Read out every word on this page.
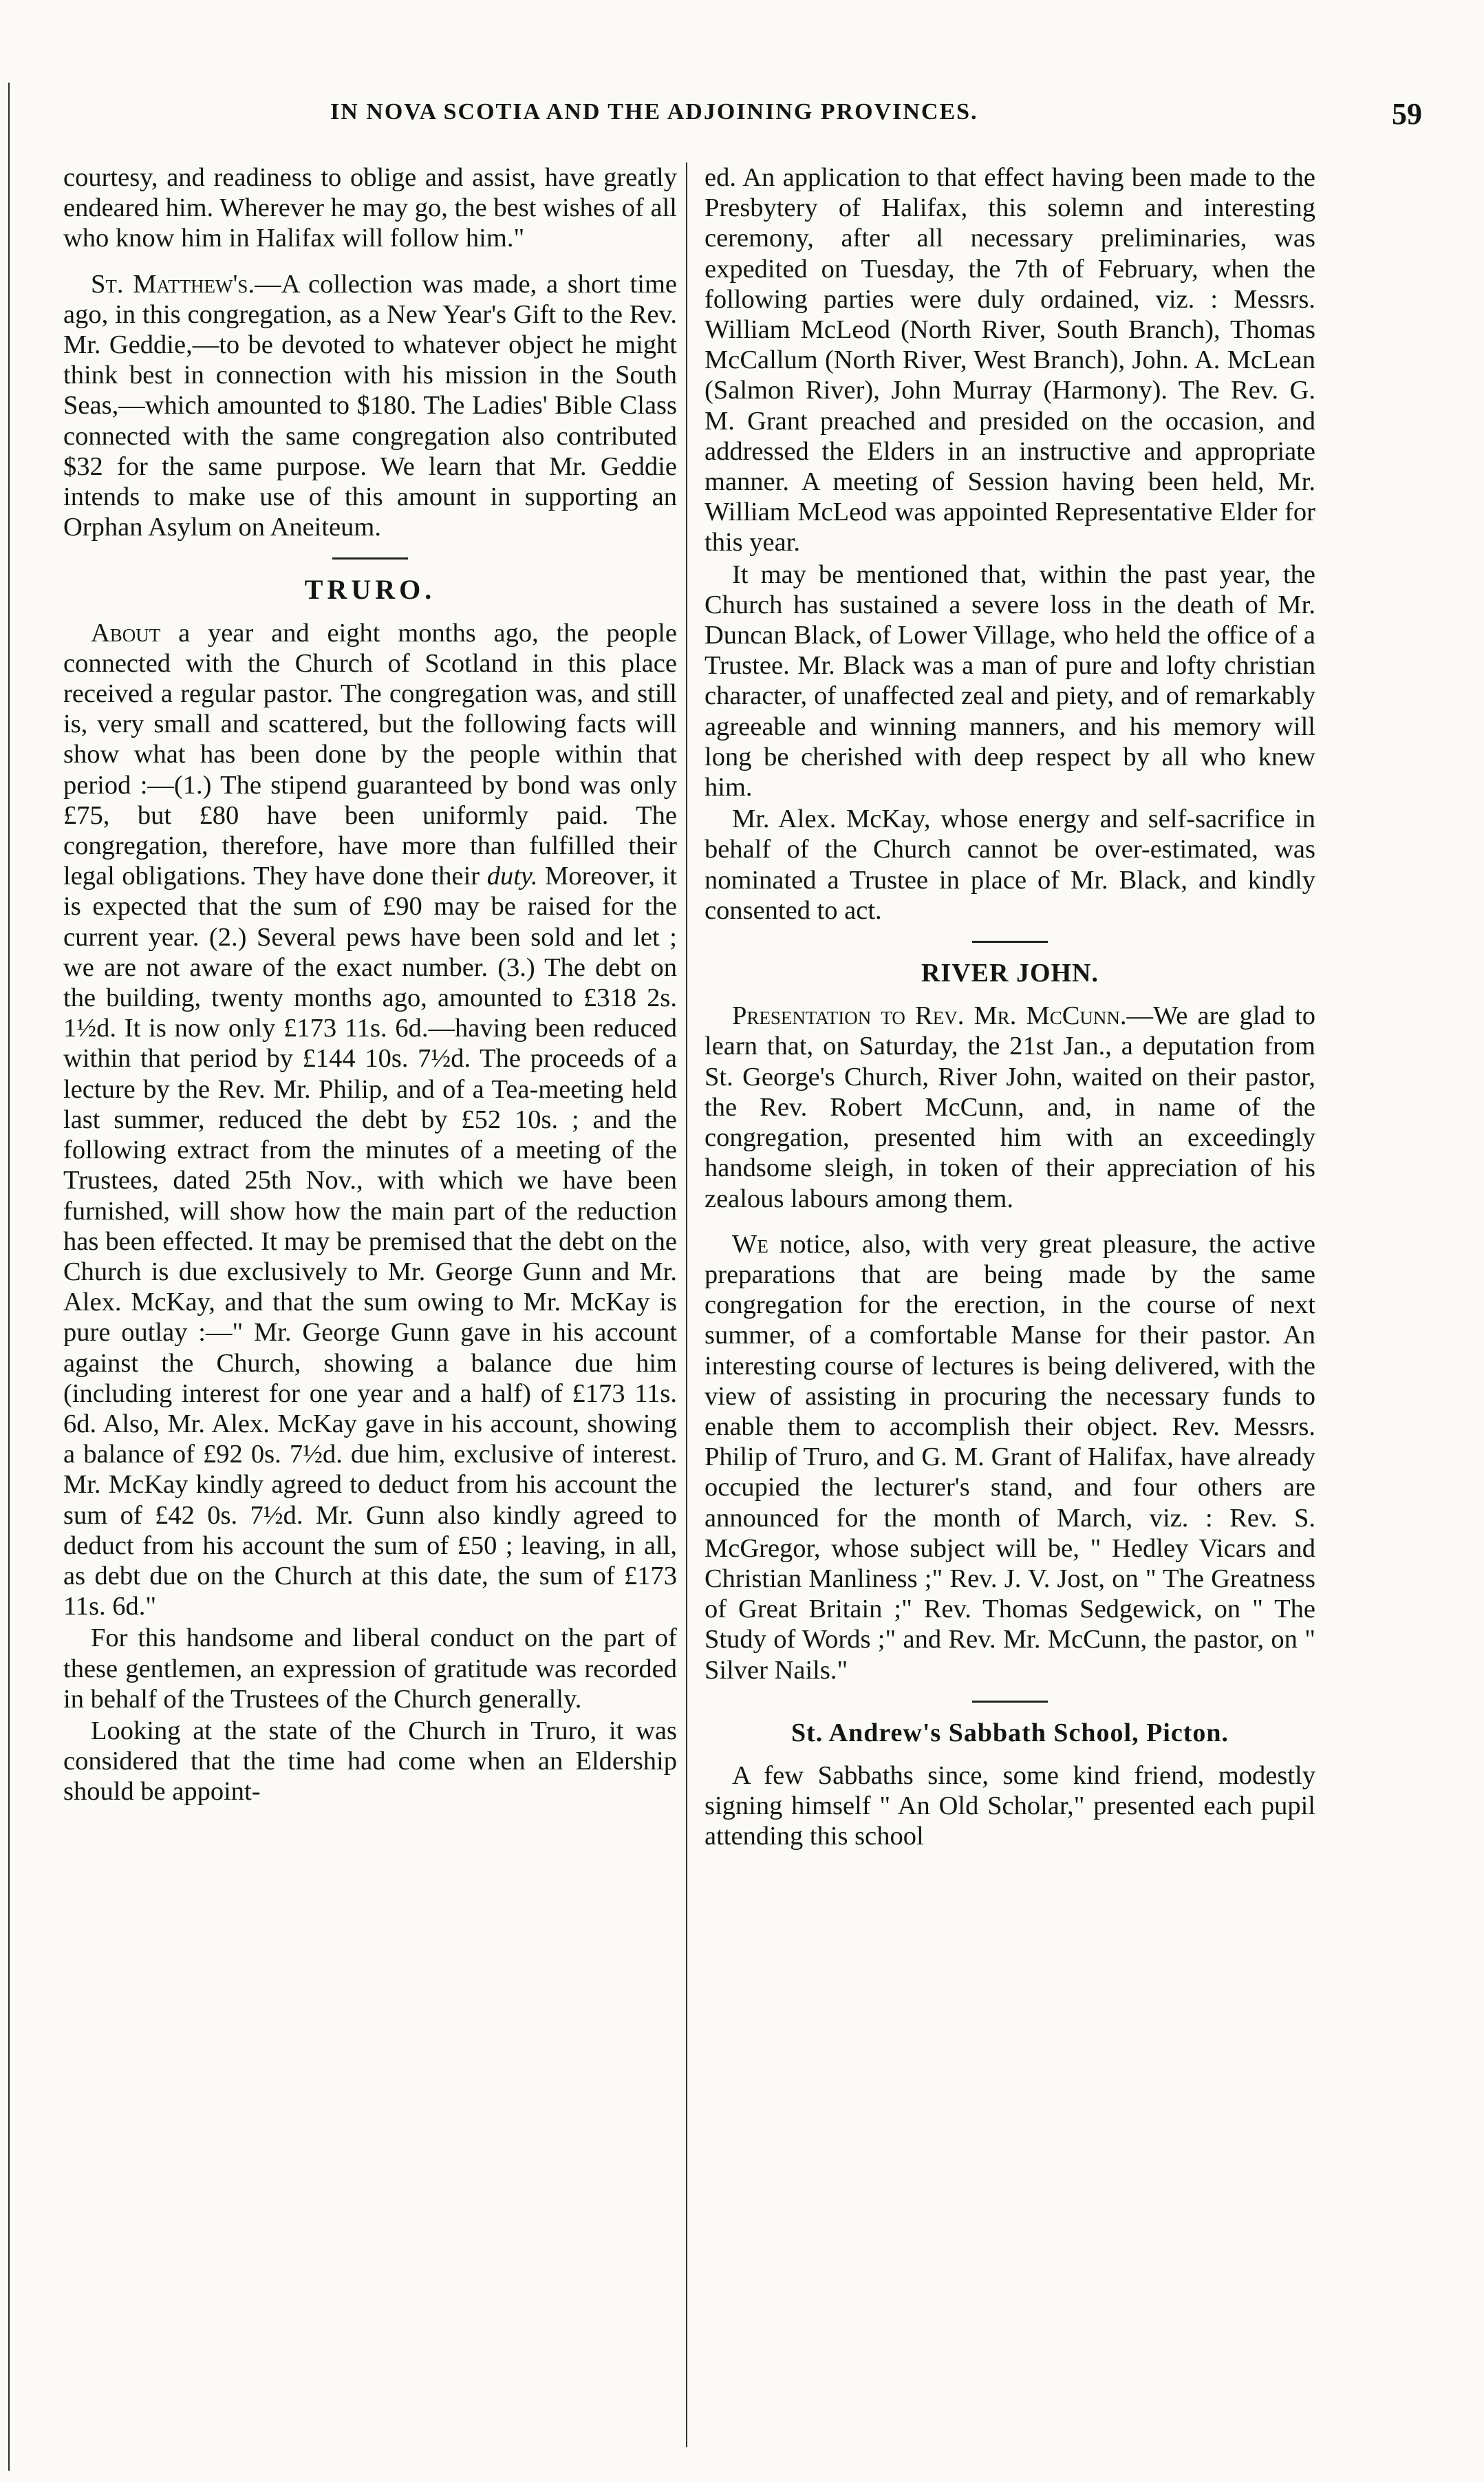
IN NOVA SCOTIA AND THE ADJOINING PROVINCES.	59

courtesy, and readiness to oblige and assist, have greatly endeared him. Wherever he may go, the best wishes of all who know him in Halifax will follow him."

St. Matthew's.—A collection was made, a short time ago, in this congregation, as a New Year's Gift to the Rev. Mr. Geddie,—to be devoted to whatever object he might think best in connection with his mission in the South Seas,—which amounted to $180. The Ladies' Bible Class connected with the same congregation also contributed $32 for the same purpose. We learn that Mr. Geddie intends to make use of this amount in supporting an Orphan Asylum on Aneiteum.

TRURO.

About a year and eight months ago, the people connected with the Church of Scotland in this place received a regular pastor. The congregation was, and still is, very small and scattered, but the following facts will show what has been done by the people within that period :—(1.) The stipend guaranteed by bond was only £75, but £80 have been uniformly paid. The congregation, therefore, have more than fulfilled their legal obligations. They have done their duty. Moreover, it is expected that the sum of £90 may be raised for the current year. (2.) Several pews have been sold and let ; we are not aware of the exact number. (3.) The debt on the building, twenty months ago, amounted to £318 2s. 1½d. It is now only £173 11s. 6d.—having been reduced within that period by £144 10s. 7½d. The proceeds of a lecture by the Rev. Mr. Philip, and of a Tea-meeting held last summer, reduced the debt by £52 10s. ; and the following extract from the minutes of a meeting of the Trustees, dated 25th Nov., with which we have been furnished, will show how the main part of the reduction has been effected. It may be premised that the debt on the Church is due exclusively to Mr. George Gunn and Mr. Alex. McKay, and that the sum owing to Mr. McKay is pure outlay :—" Mr. George Gunn gave in his account against the Church, showing a balance due him (including interest for one year and a half) of £173 11s. 6d. Also, Mr. Alex. McKay gave in his account, showing a balance of £92 0s. 7½d. due him, exclusive of interest. Mr. McKay kindly agreed to deduct from his account the sum of £42 0s. 7½d. Mr. Gunn also kindly agreed to deduct from his account the sum of £50 ; leaving, in all, as debt due on the Church at this date, the sum of £173 11s. 6d."

For this handsome and liberal conduct on the part of these gentlemen, an expression of gratitude was recorded in behalf of the Trustees of the Church generally.

Looking at the state of the Church in Truro, it was considered that the time had come when an Eldership should be appoint-

ed. An application to that effect having been made to the Presbytery of Halifax, this solemn and interesting ceremony, after all necessary preliminaries, was expedited on Tuesday, the 7th of February, when the following parties were duly ordained, viz. : Messrs. William McLeod (North River, South Branch), Thomas McCallum (North River, West Branch), John. A. McLean (Salmon River), John Murray (Harmony). The Rev. G. M. Grant preached and presided on the occasion, and addressed the Elders in an instructive and appropriate manner. A meeting of Session having been held, Mr. William McLeod was appointed Representative Elder for this year.

It may be mentioned that, within the past year, the Church has sustained a severe loss in the death of Mr. Duncan Black, of Lower Village, who held the office of a Trustee. Mr. Black was a man of pure and lofty christian character, of unaffected zeal and piety, and of remarkably agreeable and winning manners, and his memory will long be cherished with deep respect by all who knew him.

Mr. Alex. McKay, whose energy and self-sacrifice in behalf of the Church cannot be over-estimated, was nominated a Trustee in place of Mr. Black, and kindly consented to act.

RIVER JOHN.

Presentation to Rev. Mr. McCunn.—We are glad to learn that, on Saturday, the 21st Jan., a deputation from St. George's Church, River John, waited on their pastor, the Rev. Robert McCunn, and, in name of the congregation, presented him with an exceedingly handsome sleigh, in token of their appreciation of his zealous labours among them.

We notice, also, with very great pleasure, the active preparations that are being made by the same congregation for the erection, in the course of next summer, of a comfortable Manse for their pastor. An interesting course of lectures is being delivered, with the view of assisting in procuring the necessary funds to enable them to accomplish their object. Rev. Messrs. Philip of Truro, and G. M. Grant of Halifax, have already occupied the lecturer's stand, and four others are announced for the month of March, viz. : Rev. S. McGregor, whose subject will be, " Hedley Vicars and Christian Manliness ;" Rev. J. V. Jost, on " The Greatness of Great Britain ;" Rev. Thomas Sedgewick, on " The Study of Words ;" and Rev. Mr. McCunn, the pastor, on " Silver Nails."

St. Andrew's Sabbath School, Picton.

A few Sabbaths since, some kind friend, modestly signing himself " An Old Scholar," presented each pupil attending this school
